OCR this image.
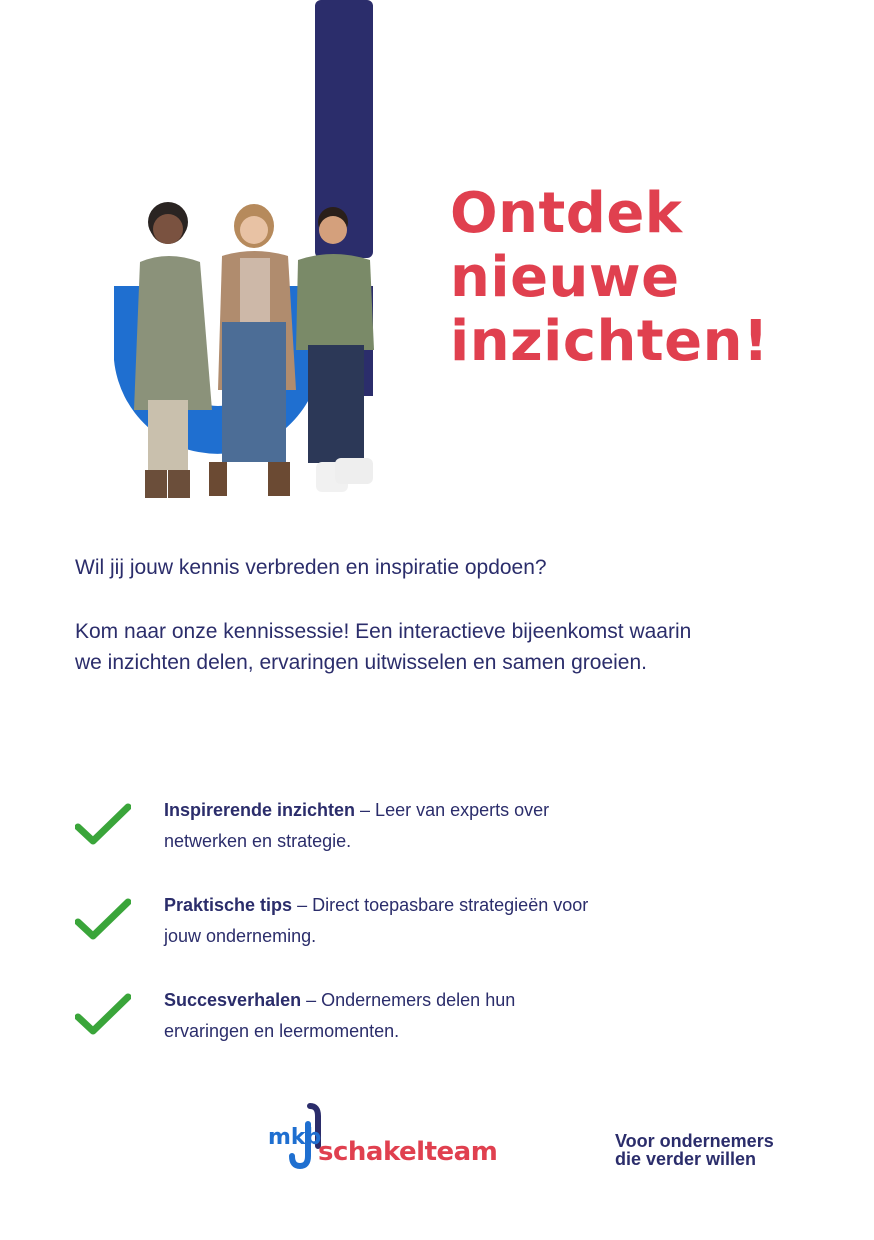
Ontdek
nieuwe
inzichten!

Wil jij jouw kennis verbreden en inspiratie opdoen?

Kom naar onze kennissessie! Een interactieve bijeenkomst waarin
we inzichten delen, ervaringen uitwisselen en samen groeien.

Inspirerende inzichten – Leer van experts over netwerken en strategie.

Praktische tips – Direct toepasbare strategieën voor jouw onderneming.

Succesverhalen – Ondernemers delen hun ervaringen en leermomenten.

mkb
schakelteam	Voor ondernemers
die verder willen
